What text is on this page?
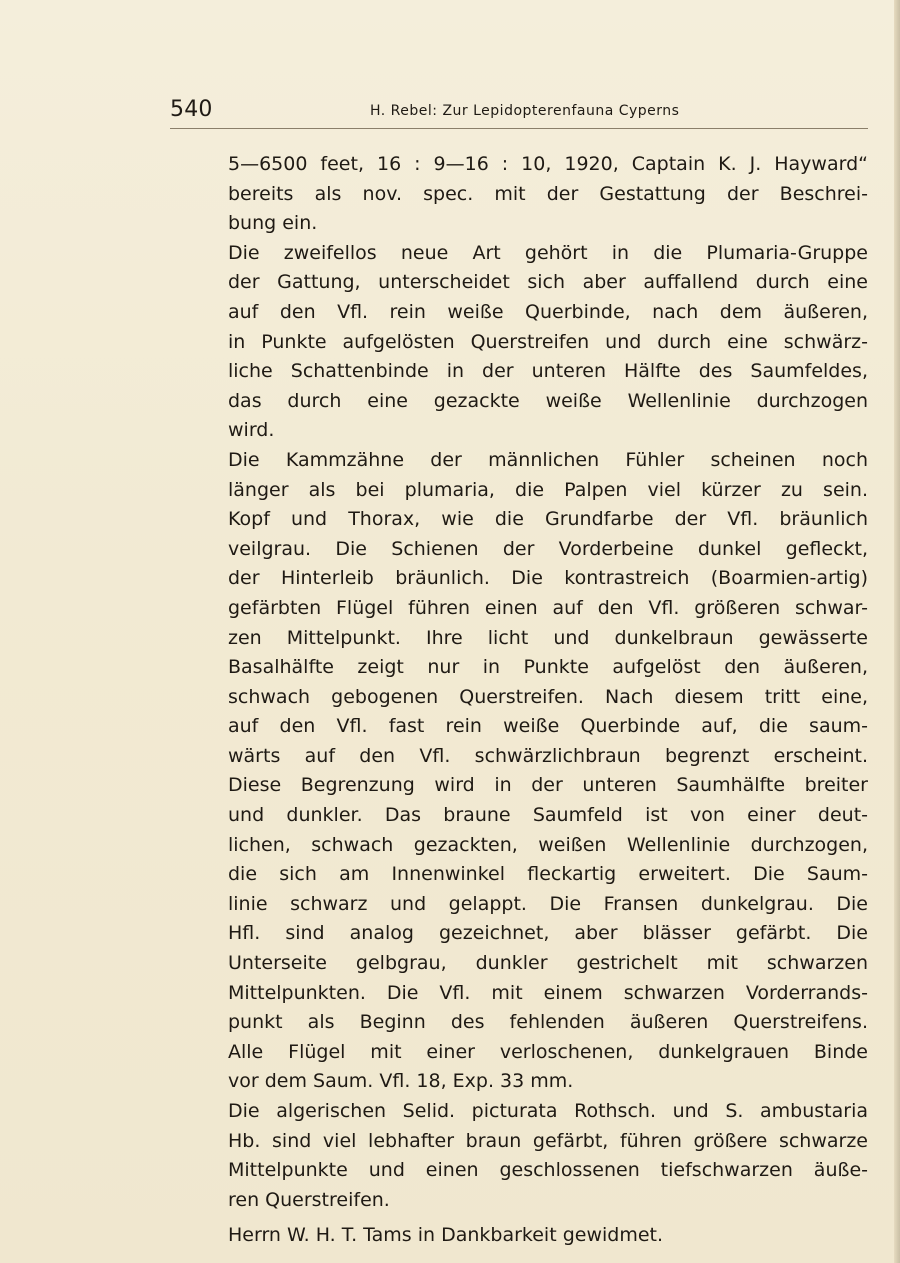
540	H. Rebel: Zur Lepidopterenfauna Cyperns
5—6500 feet, 16 : 9—16 : 10, 1920, Captain K. J. Hayward“
bereits als nov. spec. mit der Gestattung der Beschrei-
bung ein.
Die zweifellos neue Art gehört in die Plumaria-Gruppe
der Gattung, unterscheidet sich aber auffallend durch eine
auf den Vfl. rein weiße Querbinde, nach dem äußeren,
in Punkte aufgelösten Querstreifen und durch eine schwärz-
liche Schattenbinde in der unteren Hälfte des Saumfeldes,
das durch eine gezackte weiße Wellenlinie durchzogen
wird.
Die Kammzähne der männlichen Fühler scheinen noch
länger als bei plumaria, die Palpen viel kürzer zu sein.
Kopf und Thorax, wie die Grundfarbe der Vfl. bräunlich
veilgrau. Die Schienen der Vorderbeine dunkel gefleckt,
der Hinterleib bräunlich. Die kontrastreich (Boarmien-artig)
gefärbten Flügel führen einen auf den Vfl. größeren schwar-
zen Mittelpunkt. Ihre licht und dunkelbraun gewässerte
Basalhälfte zeigt nur in Punkte aufgelöst den äußeren,
schwach gebogenen Querstreifen. Nach diesem tritt eine,
auf den Vfl. fast rein weiße Querbinde auf, die saum-
wärts auf den Vfl. schwärzlichbraun begrenzt erscheint.
Diese Begrenzung wird in der unteren Saumhälfte breiter
und dunkler. Das braune Saumfeld ist von einer deut-
lichen, schwach gezackten, weißen Wellenlinie durchzogen,
die sich am Innenwinkel fleckartig erweitert. Die Saum-
linie schwarz und gelappt. Die Fransen dunkelgrau. Die
Hfl. sind analog gezeichnet, aber blässer gefärbt. Die
Unterseite gelbgrau, dunkler gestrichelt mit schwarzen
Mittelpunkten. Die Vfl. mit einem schwarzen Vorderrands-
punkt als Beginn des fehlenden äußeren Querstreifens.
Alle Flügel mit einer verloschenen, dunkelgrauen Binde
vor dem Saum. Vfl. 18, Exp. 33 mm.
Die algerischen Selid. picturata Rothsch. und S. ambustaria
Hb. sind viel lebhafter braun gefärbt, führen größere schwarze
Mittelpunkte und einen geschlossenen tiefschwarzen äuße-
ren Querstreifen.
Herrn W. H. T. Tams in Dankbarkeit gewidmet.
